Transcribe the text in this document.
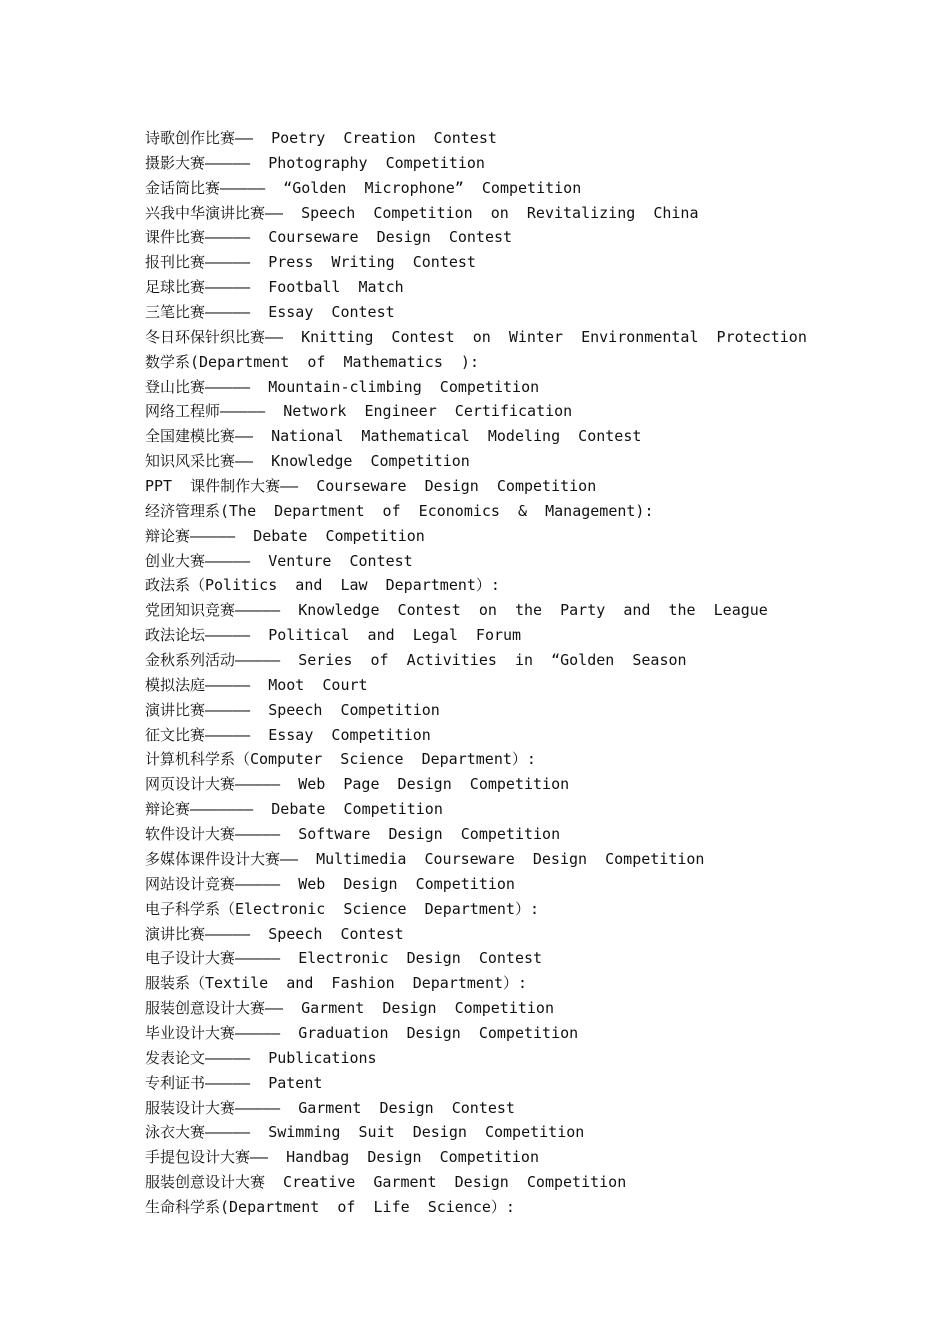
诗歌创作比赛——  Poetry  Creation  Contest
摄影大赛—————  Photography  Competition
金话筒比赛—————  “Golden  Microphone”  Competition
兴我中华演讲比赛——  Speech  Competition  on  Revitalizing  China
课件比赛—————  Courseware  Design  Contest
报刊比赛—————  Press  Writing  Contest
足球比赛—————  Football  Match
三笔比赛—————  Essay  Contest
冬日环保针织比赛——  Knitting  Contest  on  Winter  Environmental  Protection
数学系(Department  of  Mathematics  ):
登山比赛—————  Mountain-climbing  Competition
网络工程师—————  Network  Engineer  Certification
全国建模比赛——  National  Mathematical  Modeling  Contest
知识风采比赛——  Knowledge  Competition
PPT  课件制作大赛——  Courseware  Design  Competition
经济管理系(The  Department  of  Economics  &  Management):
辩论赛—————  Debate  Competition
创业大赛—————  Venture  Contest
政法系（Politics  and  Law  Department）:
党团知识竞赛—————  Knowledge  Contest  on  the  Party  and  the  League
政法论坛—————  Political  and  Legal  Forum
金秋系列活动—————  Series  of  Activities  in  “Golden  Season
模拟法庭—————  Moot  Court
演讲比赛—————  Speech  Competition
征文比赛—————  Essay  Competition
计算机科学系（Computer  Science  Department）:
网页设计大赛—————  Web  Page  Design  Competition
辩论赛———————  Debate  Competition
软件设计大赛—————  Software  Design  Competition
多媒体课件设计大赛——  Multimedia  Courseware  Design  Competition
网站设计竞赛—————  Web  Design  Competition
电子科学系（Electronic  Science  Department）:
演讲比赛—————  Speech  Contest
电子设计大赛—————  Electronic  Design  Contest
服装系（Textile  and  Fashion  Department）:
服装创意设计大赛——  Garment  Design  Competition
毕业设计大赛—————  Graduation  Design  Competition
发表论文—————  Publications
专利证书—————  Patent
服装设计大赛—————  Garment  Design  Contest
泳衣大赛—————  Swimming  Suit  Design  Competition
手提包设计大赛——  Handbag  Design  Competition
服装创意设计大赛  Creative  Garment  Design  Competition
生命科学系(Department  of  Life  Science）:
